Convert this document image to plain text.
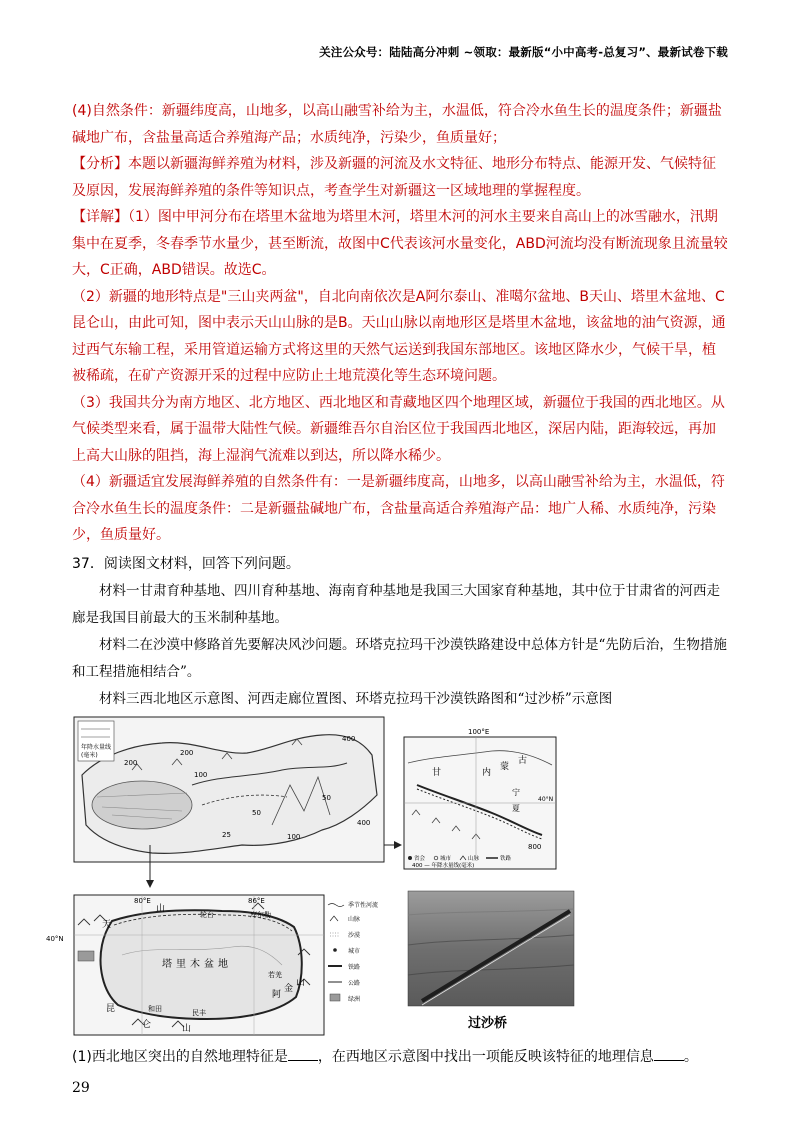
关注公众号：陆陆高分冲刺 ~领取：最新版“小中高考-总复习”、最新试卷下载

(4)自然条件：新疆纬度高，山地多，以高山融雪补给为主，水温低，符合冷水鱼生长的温度条件；新疆盐碱地广布，含盐量高适合养殖海产品；水质纯净，污染少，鱼质量好；

【分析】本题以新疆海鲜养殖为材料，涉及新疆的河流及水文特征、地形分布特点、能源开发、气候特征及原因，发展海鲜养殖的条件等知识点，考查学生对新疆这一区域地理的掌握程度。

【详解】（1）图中甲河分布在塔里木盆地为塔里木河，塔里木河的河水主要来自高山上的冰雪融水，汛期集中在夏季，冬春季节水量少，甚至断流，故图中C代表该河水量变化，ABD河流均没有断流现象且流量较大，C正确，ABD错误。故选C。

（2）新疆的地形特点是"三山夹两盆"，自北向南依次是A阿尔泰山、准噶尔盆地、B天山、塔里木盆地、C昆仑山，由此可知，图中表示天山山脉的是B。天山山脉以南地形区是塔里木盆地，该盆地的油气资源，通过西气东输工程，采用管道运输方式将这里的天然气运送到我国东部地区。该地区降水少，气候干旱，植被稀疏，在矿产资源开采的过程中应防止土地荒漠化等生态环境问题。

（3）我国共分为南方地区、北方地区、西北地区和青藏地区四个地理区域，新疆位于我国的西北地区。从气候类型来看，属于温带大陆性气候。新疆维吾尔自治区位于我国西北地区，深居内陆，距海较远，再加上高大山脉的阻挡，海上湿润气流难以到达，所以降水稀少。

（4）新疆适宜发展海鲜养殖的自然条件有：一是新疆纬度高，山地多，以高山融雪补给为主，水温低，符合冷水鱼生长的温度条件：二是新疆盐碱地广布，含盐量高适合养殖海产品：地广人稀、水质纯净，污染少，鱼质量好。

37．阅读图文材料，回答下列问题。

材料一甘肃育种基地、四川育种基地、海南育种基地是我国三大国家育种基地，其中位于甘肃省的河西走廊是我国目前最大的玉米制种基地。

材料二在沙漠中修路首先要解决风沙问题。环塔克拉玛干沙漠铁路建设中总体方针是“先防后治，生物措施和工程措施相结合”。

材料三西北地区示意图、河西走廊位置图、环塔克拉玛干沙漠铁路图和“过沙桥”示意图

年降水量线
(毫米)
400
200
200
100
50
50
25	100
400
100°E
40°N
甘	内
蒙
古
宁
夏
800
省会	城市	山脉	铁路
400 — 年降水量线(毫米)
80°E	86°E
40°N
天
山
轮台	库尔勒
塔 里 木 盆 地
和田	民丰
若羌
昆
仑	山
阿
金
山
季节性河流
山脉
沙漠
城市
铁路
公路
绿洲
过沙桥

(1)西北地区突出的自然地理特征是 ，在西地区示意图中找出一项能反映该特征的地理信息 。

29
